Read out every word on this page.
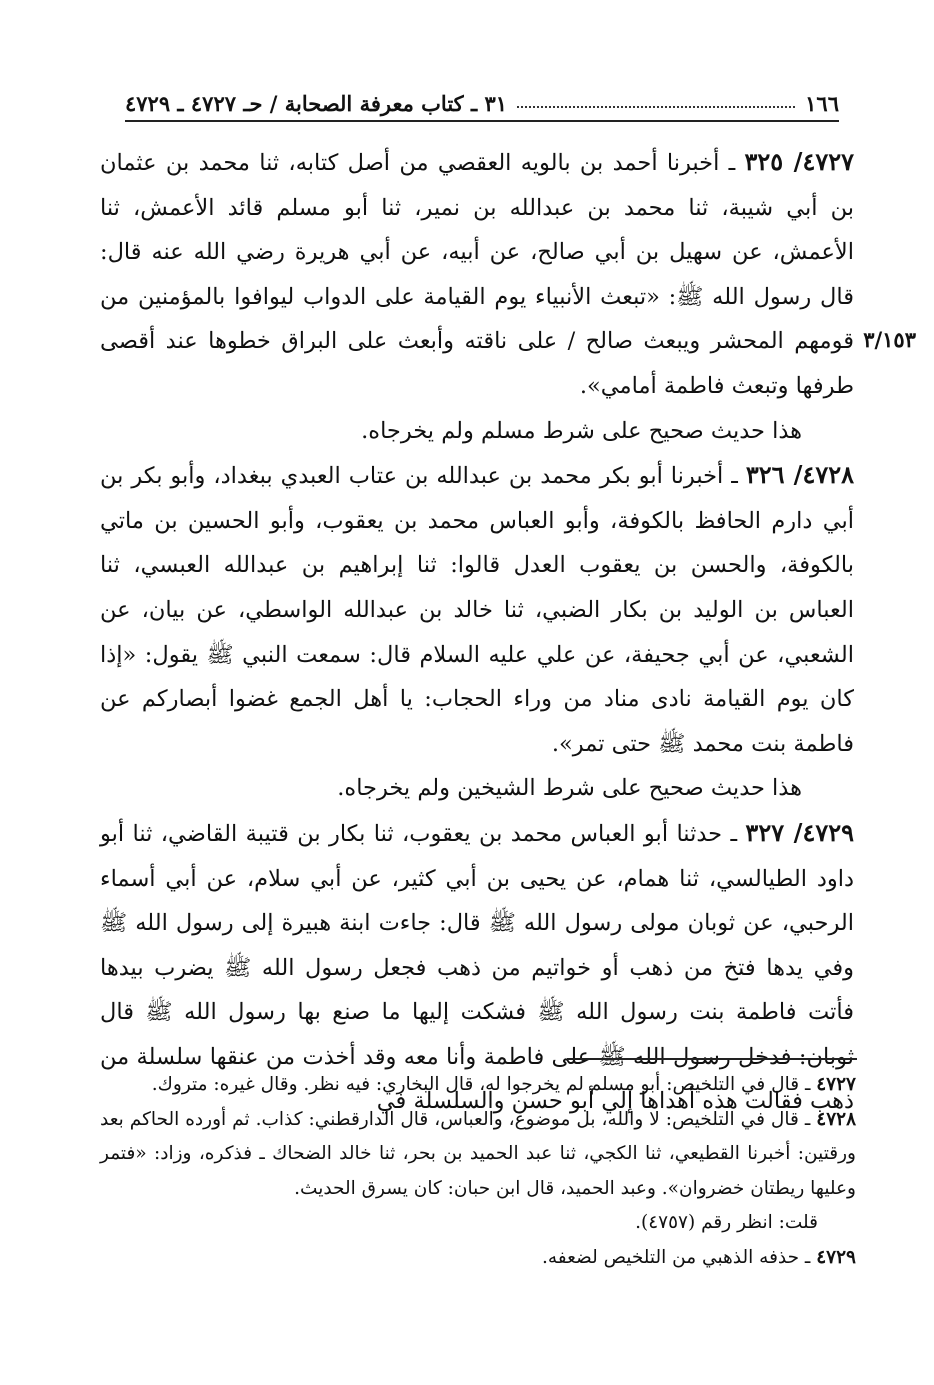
١٦٦
٣١ ـ كتاب معرفة الصحابة / حـ ٤٧٢٧ ـ ٤٧٢٩
٣/١٥٣

٤٧٢٧/ ٣٢٥ ـ أخبرنا أحمد بن بالويه العقصي من أصل كتابه، ثنا محمد بن عثمان بن أبي شيبة، ثنا محمد بن عبدالله بن نمير، ثنا أبو مسلم قائد الأعمش، ثنا الأعمش، عن سهيل بن أبي صالح، عن أبيه، عن أبي هريرة رضي الله عنه قال: قال رسول الله ﷺ: «تبعث الأنبياء يوم القيامة على الدواب ليوافوا بالمؤمنين من قومهم المحشر ويبعث صالح / على ناقته وأبعث على البراق خطوها عند أقصى طرفها وتبعث فاطمة أمامي».

هذا حديث صحيح على شرط مسلم ولم يخرجاه.

٤٧٢٨/ ٣٢٦ ـ أخبرنا أبو بكر محمد بن عبدالله بن عتاب العبدي ببغداد، وأبو بكر بن أبي دارم الحافظ بالكوفة، وأبو العباس محمد بن يعقوب، وأبو الحسين بن ماتي بالكوفة، والحسن بن يعقوب العدل قالوا: ثنا إبراهيم بن عبدالله العبسي، ثنا العباس بن الوليد بن بكار الضبي، ثنا خالد بن عبدالله الواسطي، عن بيان، عن الشعبي، عن أبي جحيفة، عن علي عليه السلام قال: سمعت النبي ﷺ يقول: «إذا كان يوم القيامة نادى مناد من وراء الحجاب: يا أهل الجمع غضوا أبصاركم عن فاطمة بنت محمد ﷺ حتى تمر».

هذا حديث صحيح على شرط الشيخين ولم يخرجاه.

٤٧٢٩/ ٣٢٧ ـ حدثنا أبو العباس محمد بن يعقوب، ثنا بكار بن قتيبة القاضي، ثنا أبو داود الطيالسي، ثنا همام، عن يحيى بن أبي كثير، عن أبي سلام، عن أبي أسماء الرحبي، عن ثوبان مولى رسول الله ﷺ قال: جاءت ابنة هبيرة إلى رسول الله ﷺ وفي يدها فتخ من ذهب أو خواتيم من ذهب فجعل رسول الله ﷺ يضرب بيدها فأتت فاطمة بنت رسول الله ﷺ فشكت إليها ما صنع بها رسول الله ﷺ قال ثوبان: فدخل رسول الله ﷺ على فاطمة وأنا معه وقد أخذت من عنقها سلسلة من ذهب فقالت هذه أهداها إلي أبو حسن والسلسلة في

٤٧٢٧ ـ قال في التلخيص: أبو مسلم لم يخرجوا له، قال البخاري: فيه نظر. وقال غيره: متروك.

٤٧٢٨ ـ قال في التلخيص: لا والله، بل موضوع، والعباس، قال الدارقطني: كذاب. ثم أورده الحاكم بعد ورقتين: أخبرنا القطيعي، ثنا الكجي، ثنا عبد الحميد بن بحر، ثنا خالد الضحاك ـ فذكره، وزاد: «فتمر وعليها ريطتان خضروان». وعبد الحميد، قال ابن حبان: كان يسرق الحديث.

قلت: انظر رقم (٤٧٥٧).

٤٧٢٩ ـ حذفه الذهبي من التلخيص لضعفه.
